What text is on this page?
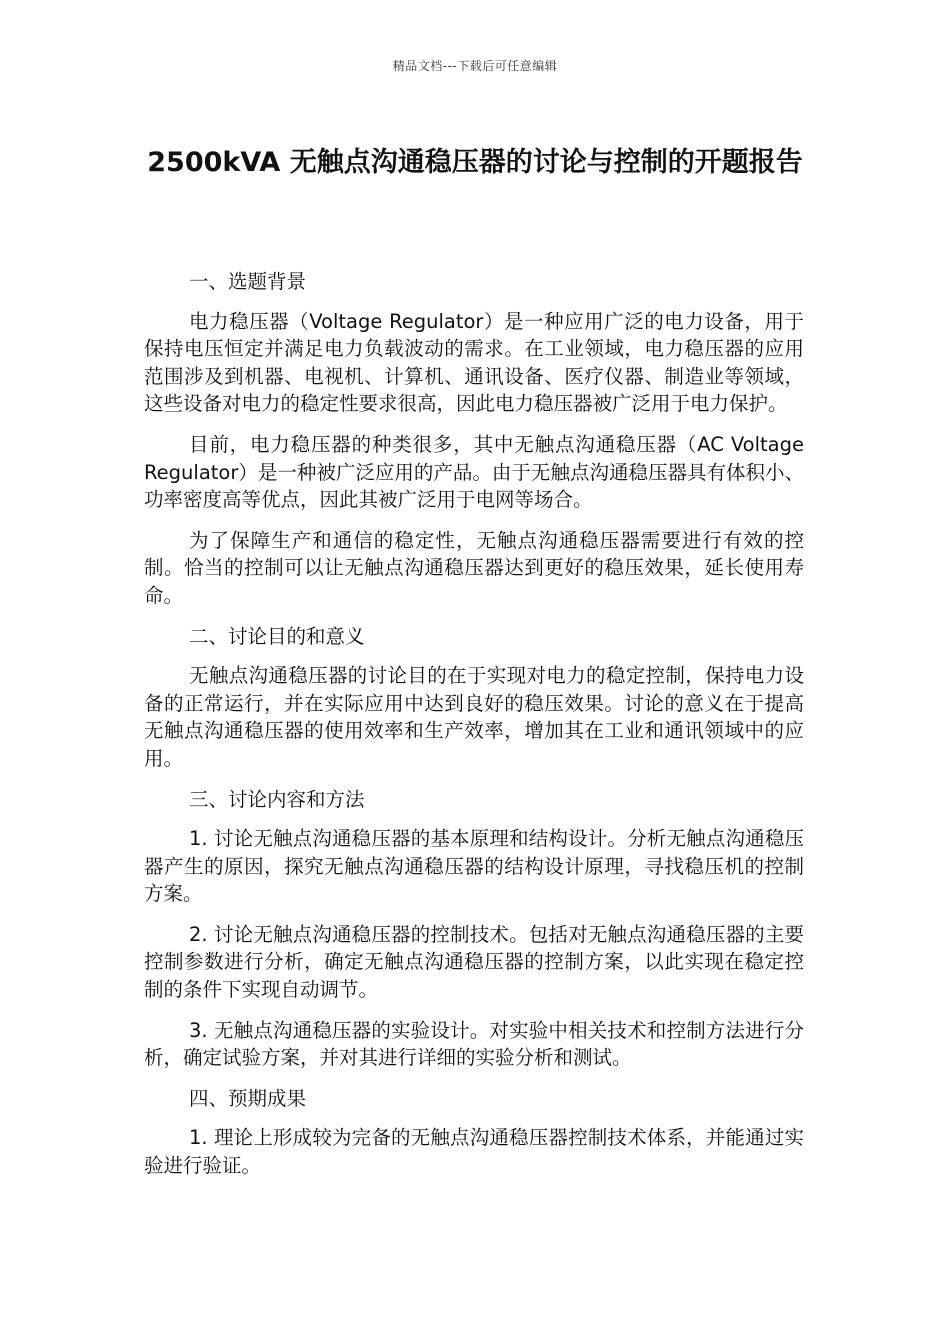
精品文档---下载后可任意编辑
2500kVA 无触点沟通稳压器的讨论与控制的开题报告

一、选题背景

电力稳压器（Voltage Regulator）是一种应用广泛的电力设备，用于保持电压恒定并满足电力负载波动的需求。在工业领域，电力稳压器的应用范围涉及到机器、电视机、计算机、通讯设备、医疗仪器、制造业等领域，这些设备对电力的稳定性要求很高，因此电力稳压器被广泛用于电力保护。

目前，电力稳压器的种类很多，其中无触点沟通稳压器（AC Voltage Regulator）是一种被广泛应用的产品。由于无触点沟通稳压器具有体积小、功率密度高等优点，因此其被广泛用于电网等场合。

为了保障生产和通信的稳定性，无触点沟通稳压器需要进行有效的控制。恰当的控制可以让无触点沟通稳压器达到更好的稳压效果，延长使用寿命。

二、讨论目的和意义

无触点沟通稳压器的讨论目的在于实现对电力的稳定控制，保持电力设备的正常运行，并在实际应用中达到良好的稳压效果。讨论的意义在于提高无触点沟通稳压器的使用效率和生产效率，增加其在工业和通讯领域中的应用。

三、讨论内容和方法

1. 讨论无触点沟通稳压器的基本原理和结构设计。分析无触点沟通稳压器产生的原因，探究无触点沟通稳压器的结构设计原理，寻找稳压机的控制方案。

2. 讨论无触点沟通稳压器的控制技术。包括对无触点沟通稳压器的主要控制参数进行分析，确定无触点沟通稳压器的控制方案，以此实现在稳定控制的条件下实现自动调节。

3. 无触点沟通稳压器的实验设计。对实验中相关技术和控制方法进行分析，确定试验方案，并对其进行详细的实验分析和测试。

四、预期成果

1. 理论上形成较为完备的无触点沟通稳压器控制技术体系，并能通过实验进行验证。
